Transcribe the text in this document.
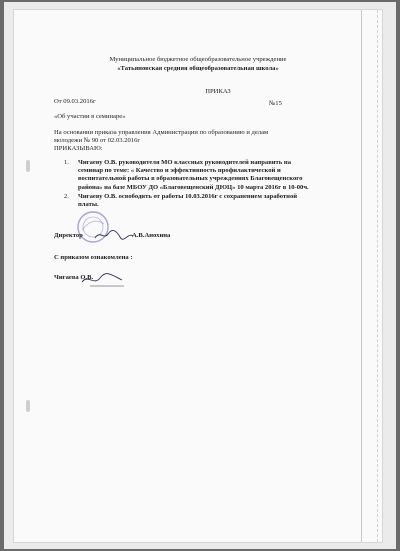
Муниципальное бюджетное общеобразовательное учреждение
«Татьяновская средняя общеобразовательная школа»
ПРИКАЗ
От 09.03.2016г	№15
«Об участии в семинаре»
На основании приказа управления Администрации по образованию и делам
молодежи № 90 от 02.03.2016г
ПРИКАЗЫВАЮ:
1. Чигаеву О.В. руководителя МО классных руководителей направить на
семинар по теме: « Качество и эффективность профилактической и
воспитательной работы в образовательных учреждениях Благовещенского
района» на базе МБОУ ДО «Благовещенский ДЮЦ» 10 марта 2016г в 10-00ч.
2. Чигаеву О.В. освободить от работы 10.03.2016г с сохранением заработной
платы.
Директор	А.В.Анохина
С приказом ознакомлена :
Чигаева О.В.
